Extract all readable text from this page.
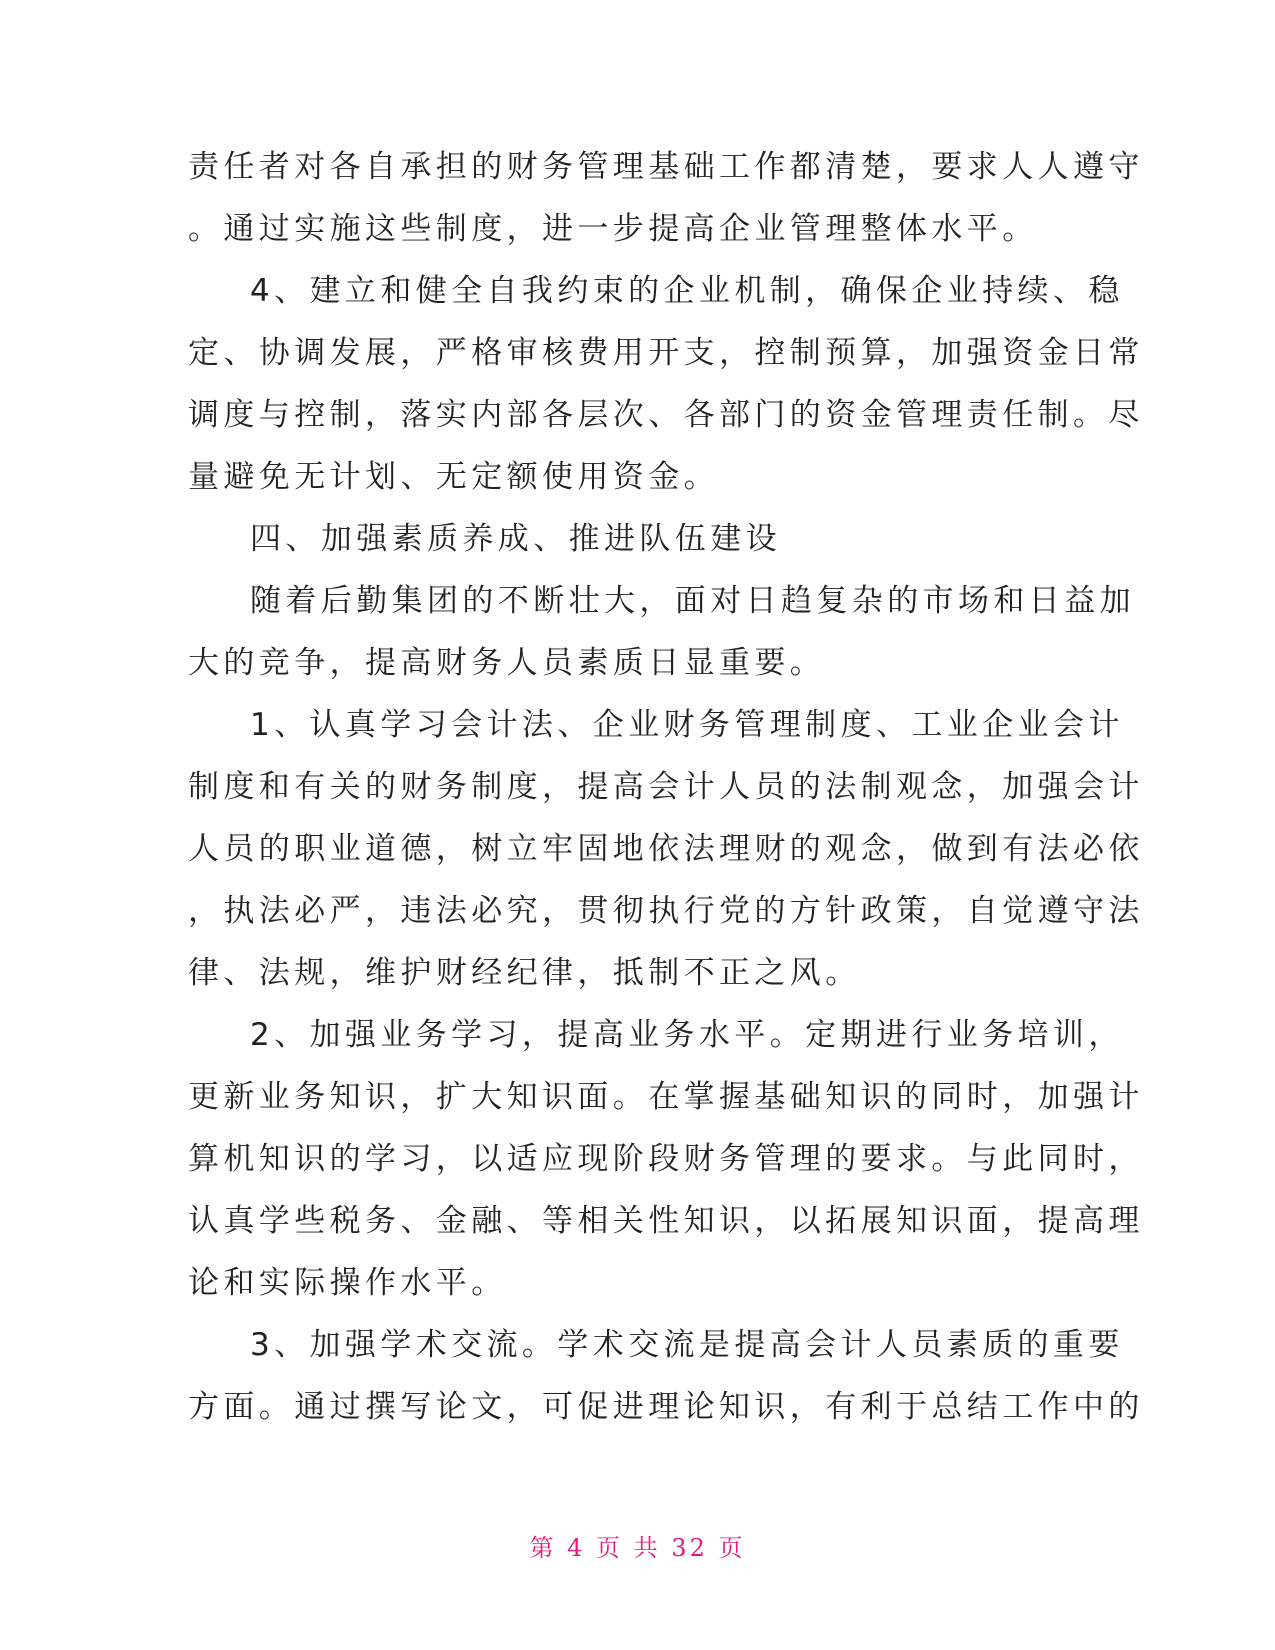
责任者对各自承担的财务管理基础工作都清楚，要求人人遵守
。通过实施这些制度，进一步提高企业管理整体水平。
4、建立和健全自我约束的企业机制，确保企业持续、稳
定、协调发展，严格审核费用开支，控制预算，加强资金日常
调度与控制，落实内部各层次、各部门的资金管理责任制。尽
量避免无计划、无定额使用资金。
四、加强素质养成、推进队伍建设
随着后勤集团的不断壮大，面对日趋复杂的市场和日益加
大的竞争，提高财务人员素质日显重要。
1、认真学习会计法、企业财务管理制度、工业企业会计
制度和有关的财务制度，提高会计人员的法制观念，加强会计
人员的职业道德，树立牢固地依法理财的观念，做到有法必依
，执法必严，违法必究，贯彻执行党的方针政策，自觉遵守法
律、法规，维护财经纪律，抵制不正之风。
2、加强业务学习，提高业务水平。定期进行业务培训，
更新业务知识，扩大知识面。在掌握基础知识的同时，加强计
算机知识的学习，以适应现阶段财务管理的要求。与此同时，
认真学些税务、金融、等相关性知识，以拓展知识面，提高理
论和实际操作水平。
3、加强学术交流。学术交流是提高会计人员素质的重要
方面。通过撰写论文，可促进理论知识，有利于总结工作中的
第 4 页 共 32 页
